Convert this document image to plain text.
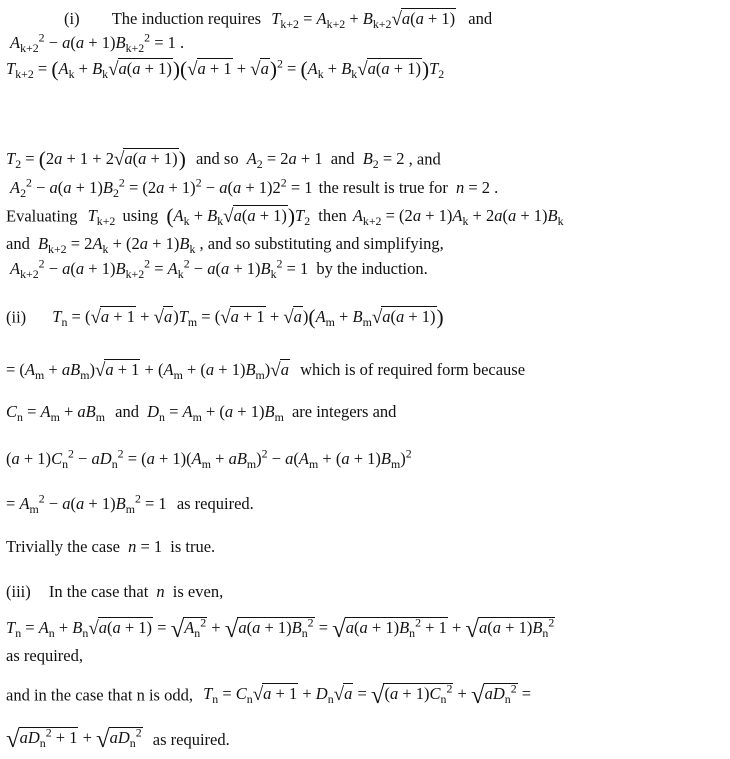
(i) The induction requires $T_{k+2} = A_{k+2} + B_{k+2}√a(a + 1)$ and
$A_{k+2}^2 - a(a + 1)B_{k+2}^2 = 1$ .
$T_{k+2} = (A_k + B_k√a(a + 1))(√a + 1 + √a)^2 = (A_k + B_k√a(a + 1))T_2$
$T_2 = (2a + 1 + 2√a(a + 1))$ and so $A_2 = 2a + 1$ and $B_2 = 2$ , and
$A_2^2 - a(a + 1)B_2^2 = (2a + 1)^2 - a(a + 1)2^2 = 1$ the result is true for n = 2 .
Evaluating $T_{k+2}$ using $(A_k + B_k√a(a + 1))T_2$ then $A_{k+2} = (2a + 1)A_k + 2a(a + 1)B_k$
and $B_{k+2} = 2A_k + (2a + 1)B_k$ , and so substituting and simplifying,
$A_{k+2}^2 - a(a + 1)B_{k+2}^2 = A_k^2 - a(a + 1)B_k^2 = 1$ by the induction.
(ii) $T_n = (√a + 1 + √a)T_m = (√a + 1 + √a)(A_m + B_m√a(a + 1))$
= $(A_m + aB_m)√a + 1 + (A_m + (a + 1)B_m)√a$ which is of required form because
$C_n = A_m + aB_m$ and $D_n = A_m + (a + 1)B_m$ are integers and
$(a + 1)C_n^2 - aD_n^2 = (a + 1)(A_m + aB_m)^2 - a(A_m + (a + 1)B_m)^2$
= $A_m^2 - a(a + 1)B_m^2 = 1$ as required.
Trivially the case n = 1 is true.
(iii) In the case that n is even,
$T_n = A_n + B_n√a(a + 1) = √A_n^2 + √a(a + 1)B_n^2 = √a(a + 1)B_n^2 + 1 + √a(a + 1)B_n^2$
as required,
and in the case that n is odd, $T_n = C_n√a + 1 + D_n√a = √(a + 1)C_n^2 + √aD_n^2$ =
$√aD_n^2 + 1 + √aD_n^2$ as required.
